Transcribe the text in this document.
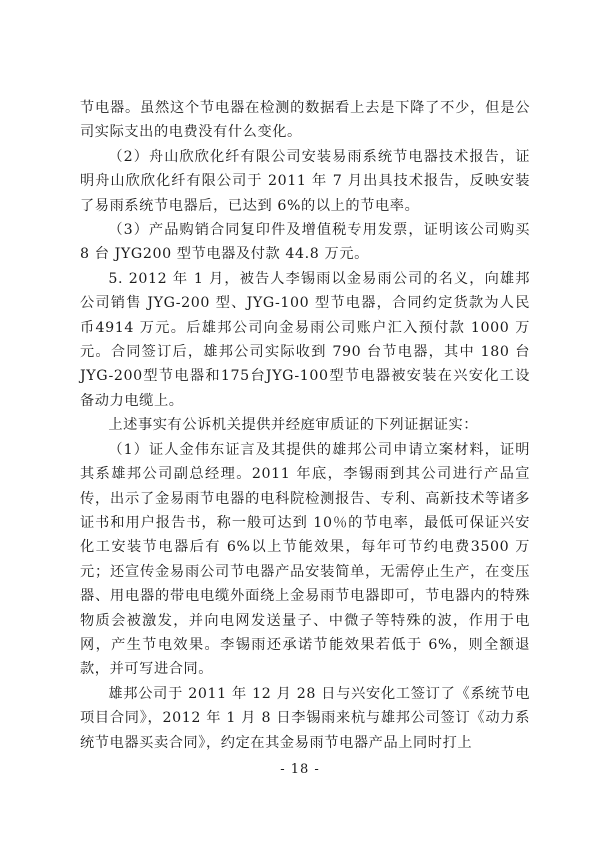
节电器。虽然这个节电器在检测的数据看上去是下降了不少，但是公司实际支出的电费没有什么变化。

（2）舟山欣欣化纤有限公司安装易雨系统节电器技术报告，证明舟山欣欣化纤有限公司于 2011 年 7 月出具技术报告，反映安装了易雨系统节电器后，已达到 6%的以上的节电率。

（3）产品购销合同复印件及增值税专用发票，证明该公司购买 8 台 JYG200 型节电器及付款 44.8 万元。

5. 2012 年 1 月，被告人李锡雨以金易雨公司的名义，向雄邦公司销售 JYG-200 型、JYG-100 型节电器，合同约定货款为人民币4914 万元。后雄邦公司向金易雨公司账户汇入预付款 1000 万元。合同签订后，雄邦公司实际收到 790 台节电器，其中 180 台JYG-200型节电器和175台JYG-100型节电器被安装在兴安化工设备动力电缆上。

上述事实有公诉机关提供并经庭审质证的下列证据证实：

（1）证人金伟东证言及其提供的雄邦公司申请立案材料，证明其系雄邦公司副总经理。2011 年底，李锡雨到其公司进行产品宣传，出示了金易雨节电器的电科院检测报告、专利、高新技术等诸多证书和用户报告书，称一般可达到 10％的节电率，最低可保证兴安化工安装节电器后有 6%以上节能效果，每年可节约电费3500 万元；还宣传金易雨公司节电器产品安装简单，无需停止生产，在变压器、用电器的带电电缆外面绕上金易雨节电器即可，节电器内的特殊物质会被激发，并向电网发送量子、中微子等特殊的波，作用于电网，产生节电效果。李锡雨还承诺节能效果若低于 6%，则全额退款，并可写进合同。

雄邦公司于 2011 年 12 月 28 日与兴安化工签订了《系统节电项目合同》，2012 年 1 月 8 日李锡雨来杭与雄邦公司签订《动力系统节电器买卖合同》，约定在其金易雨节电器产品上同时打上

- 18 -
